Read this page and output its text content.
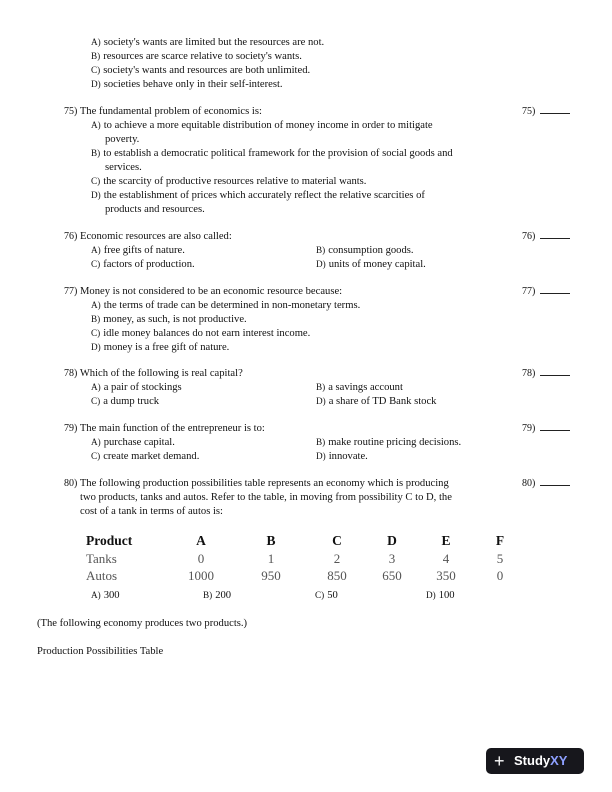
A) society's wants are limited but the resources are not.
B) resources are scarce relative to society's wants.
C) society's wants and resources are both unlimited.
D) societies behave only in their self-interest.
75) The fundamental problem of economics is:	75)
A) to achieve a more equitable distribution of money income in order to mitigate
poverty.
B) to establish a democratic political framework for the provision of social goods and
services.
C) the scarcity of productive resources relative to material wants.
D) the establishment of prices which accurately reflect the relative scarcities of
products and resources.
76) Economic resources are also called:	76)
A) free gifts of nature.	B) consumption goods.
C) factors of production.	D) units of money capital.
77) Money is not considered to be an economic resource because:	77)
A) the terms of trade can be determined in non-monetary terms.
B) money, as such, is not productive.
C) idle money balances do not earn interest income.
D) money is a free gift of nature.
78) Which of the following is real capital?	78)
A) a pair of stockings	B) a savings account
C) a dump truck	D) a share of TD Bank stock
79) The main function of the entrepreneur is to:	79)
A) purchase capital.	B) make routine pricing decisions.
C) create market demand.	D) innovate.
80) The following production possibilities table represents an economy which is producing
two products, tanks and autos. Refer to the table, in moving from possibility C to D, the
cost of a tank in terms of autos is:
80)
Product	A	B	C	D	E	F
Tanks	0	1	2	3	4	5
Autos	1000	950	850	650	350	0
A) 300	B) 200	C) 50	D) 100
(The following economy produces two products.)
Production Possibilities Table
+ StudyXY
